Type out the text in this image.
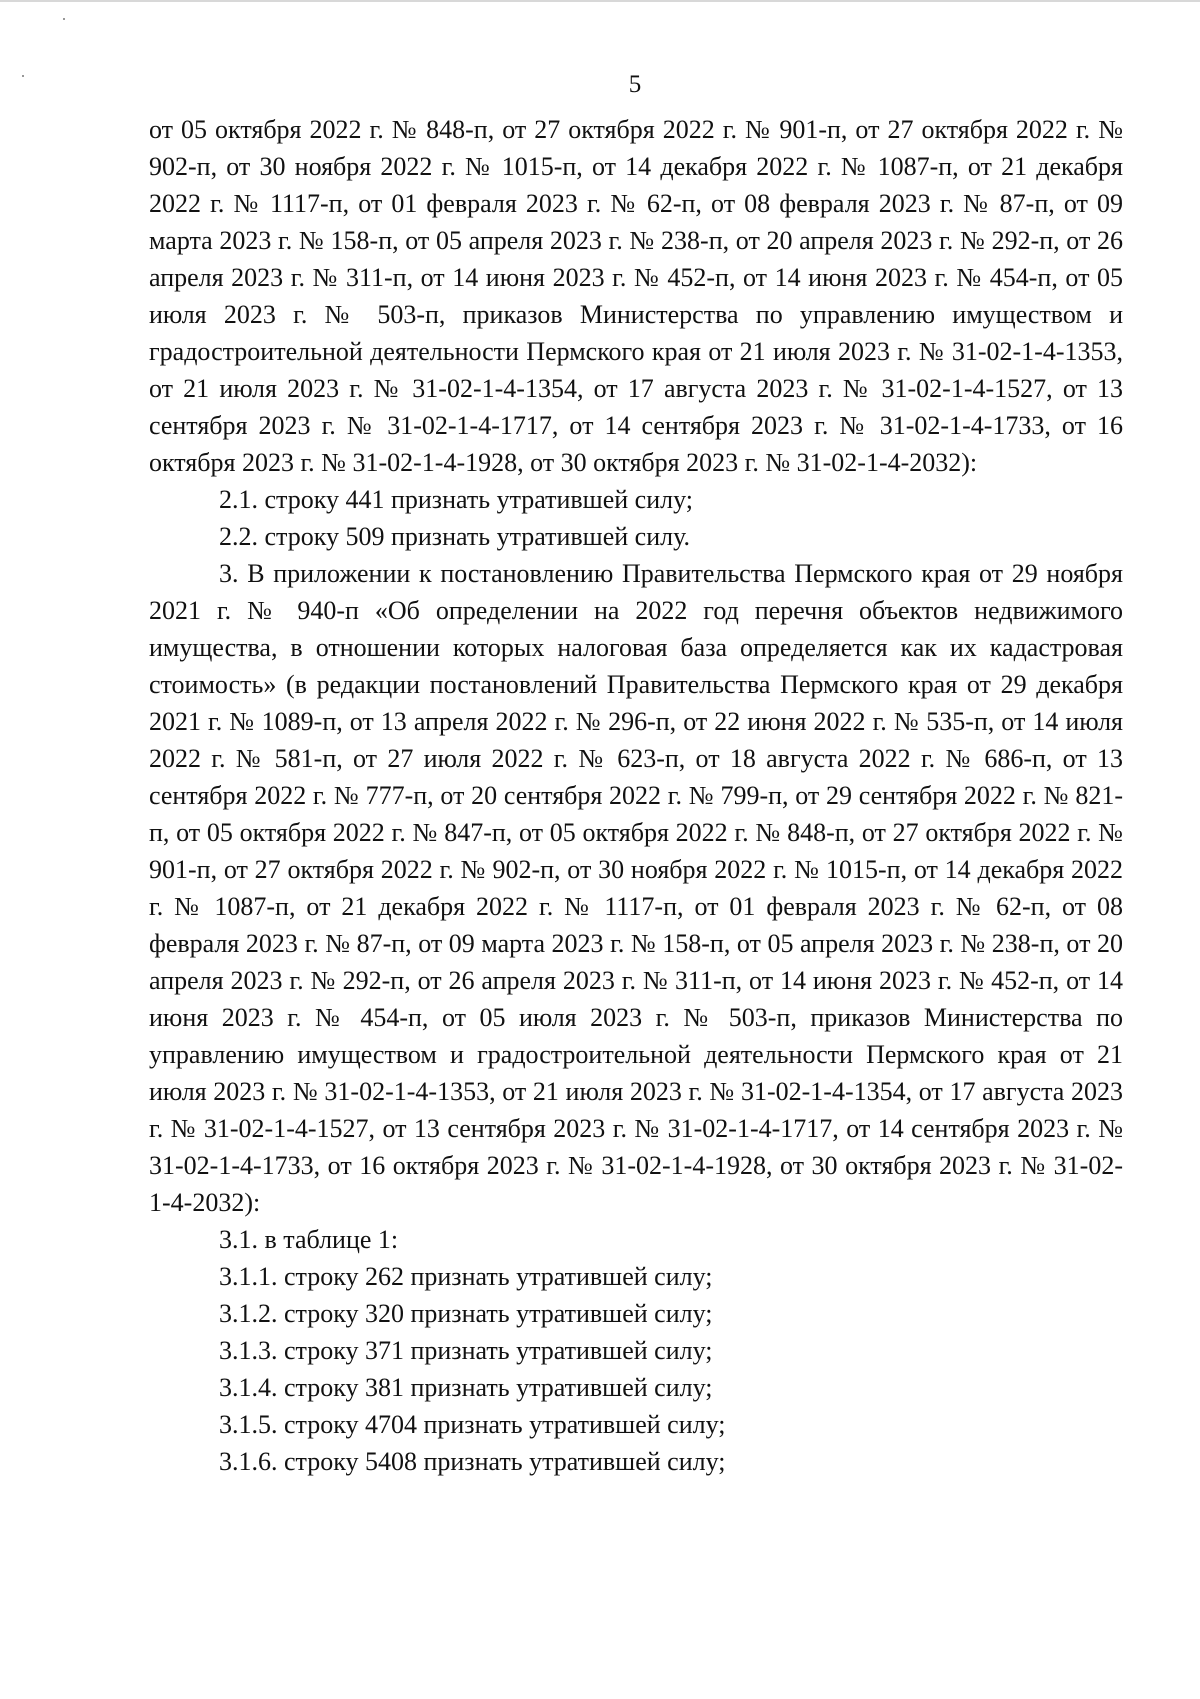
5

от 05 октября 2022 г. № 848-п, от 27 октября 2022 г. № 901-п, от 27 октября 2022 г. № 902-п, от 30 ноября 2022 г. № 1015-п, от 14 декабря 2022 г. № 1087-п, от 21 декабря 2022 г. № 1117-п, от 01 февраля 2023 г. № 62-п, от 08 февраля 2023 г. № 87-п, от 09 марта 2023 г. № 158-п, от 05 апреля 2023 г. № 238-п, от 20 апреля 2023 г. № 292-п, от 26 апреля 2023 г. № 311-п, от 14 июня 2023 г. № 452-п, от 14 июня 2023 г. № 454-п, от 05 июля 2023 г. № 503-п, приказов Министерства по управлению имуществом и градостроительной деятельности Пермского края от 21 июля 2023 г. № 31-02-1-4-1353, от 21 июля 2023 г. № 31-02-1-4-1354, от 17 августа 2023 г. № 31-02-1-4-1527, от 13 сентября 2023 г. № 31-02-1-4-1717, от 14 сентября 2023 г. № 31-02-1-4-1733, от 16 октября 2023 г. № 31-02-1-4-1928, от 30 октября 2023 г. № 31-02-1-4-2032):

2.1. строку 441 признать утратившей силу;

2.2. строку 509 признать утратившей силу.

3. В приложении к постановлению Правительства Пермского края от 29 ноября 2021 г. № 940-п «Об определении на 2022 год перечня объектов недвижимого имущества, в отношении которых налоговая база определяется как их кадастровая стоимость» (в редакции постановлений Правительства Пермского края от 29 декабря 2021 г. № 1089-п, от 13 апреля 2022 г. № 296-п, от 22 июня 2022 г. № 535-п, от 14 июля 2022 г. № 581-п, от 27 июля 2022 г. № 623-п, от 18 августа 2022 г. № 686-п, от 13 сентября 2022 г. № 777-п, от 20 сентября 2022 г. № 799-п, от 29 сентября 2022 г. № 821-п, от 05 октября 2022 г. № 847-п, от 05 октября 2022 г. № 848-п, от 27 октября 2022 г. № 901-п, от 27 октября 2022 г. № 902-п, от 30 ноября 2022 г. № 1015-п, от 14 декабря 2022 г. № 1087-п, от 21 декабря 2022 г. № 1117-п, от 01 февраля 2023 г. № 62-п, от 08 февраля 2023 г. № 87-п, от 09 марта 2023 г. № 158-п, от 05 апреля 2023 г. № 238-п, от 20 апреля 2023 г. № 292-п, от 26 апреля 2023 г. № 311-п, от 14 июня 2023 г. № 452-п, от 14 июня 2023 г. № 454-п, от 05 июля 2023 г. № 503-п, приказов Министерства по управлению имуществом и градостроительной деятельности Пермского края от 21 июля 2023 г. № 31-02-1-4-1353, от 21 июля 2023 г. № 31-02-1-4-1354, от 17 августа 2023 г. № 31-02-1-4-1527, от 13 сентября 2023 г. № 31-02-1-4-1717, от 14 сентября 2023 г. № 31-02-1-4-1733, от 16 октября 2023 г. № 31-02-1-4-1928, от 30 октября 2023 г. № 31-02-1-4-2032):

3.1. в таблице 1:

3.1.1. строку 262 признать утратившей силу;

3.1.2. строку 320 признать утратившей силу;

3.1.3. строку 371 признать утратившей силу;

3.1.4. строку 381 признать утратившей силу;

3.1.5. строку 4704 признать утратившей силу;

3.1.6. строку 5408 признать утратившей силу;
